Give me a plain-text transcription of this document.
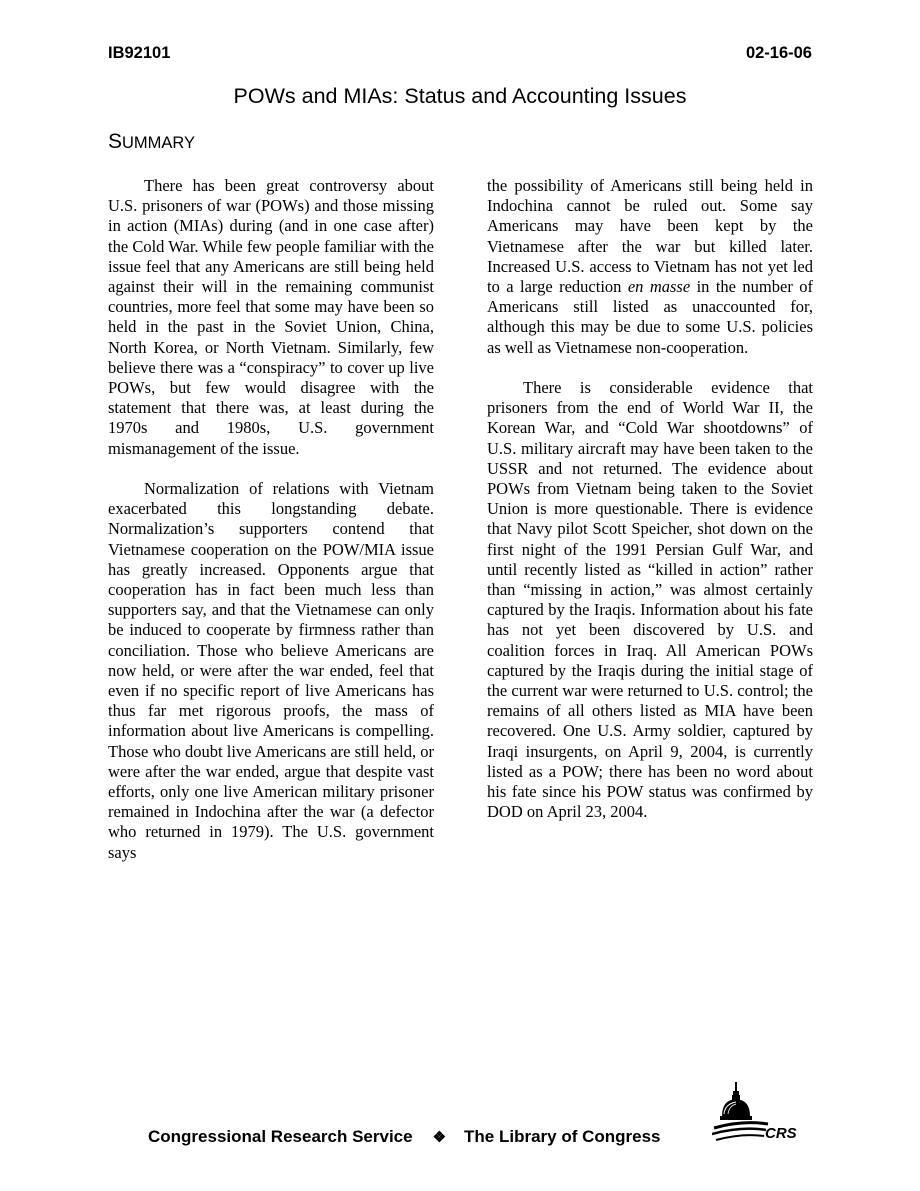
IB92101	02-16-06
POWs and MIAs: Status and Accounting Issues
SUMMARY

There has been great controversy about U.S. prisoners of war (POWs) and those missing in action (MIAs) during (and in one case after) the Cold War. While few people familiar with the issue feel that any Americans are still being held against their will in the remaining communist countries, more feel that some may have been so held in the past in the Soviet Union, China, North Korea, or North Vietnam. Similarly, few believe there was a “conspiracy” to cover up live POWs, but few would disagree with the statement that there was, at least during the 1970s and 1980s, U.S. government mismanagement of the issue.

Normalization of relations with Vietnam exacerbated this longstanding debate. Normalization’s supporters contend that Vietnamese cooperation on the POW/MIA issue has greatly increased. Opponents argue that cooperation has in fact been much less than supporters say, and that the Vietnamese can only be induced to cooperate by firmness rather than conciliation. Those who believe Americans are now held, or were after the war ended, feel that even if no specific report of live Americans has thus far met rigorous proofs, the mass of information about live Americans is compelling. Those who doubt live Americans are still held, or were after the war ended, argue that despite vast efforts, only one live American military prisoner remained in Indochina after the war (a defector who returned in 1979). The U.S. government says

the possibility of Americans still being held in Indochina cannot be ruled out. Some say Americans may have been kept by the Vietnamese after the war but killed later. Increased U.S. access to Vietnam has not yet led to a large reduction en masse in the number of Americans still listed as unaccounted for, although this may be due to some U.S. policies as well as Vietnamese non-cooperation.

There is considerable evidence that prisoners from the end of World War II, the Korean War, and “Cold War shootdowns” of U.S. military aircraft may have been taken to the USSR and not returned. The evidence about POWs from Vietnam being taken to the Soviet Union is more questionable. There is evidence that Navy pilot Scott Speicher, shot down on the first night of the 1991 Persian Gulf War, and until recently listed as “killed in action” rather than “missing in action,” was almost certainly captured by the Iraqis. Information about his fate has not yet been discovered by U.S. and coalition forces in Iraq. All American POWs captured by the Iraqis during the initial stage of the current war were returned to U.S. control; the remains of all others listed as MIA have been recovered. One U.S. Army soldier, captured by Iraqi insurgents, on April 9, 2004, is currently listed as a POW; there has been no word about his fate since his POW status was confirmed by DOD on April 23, 2004.

Congressional Research Service ❖ The Library of Congress	CRS
